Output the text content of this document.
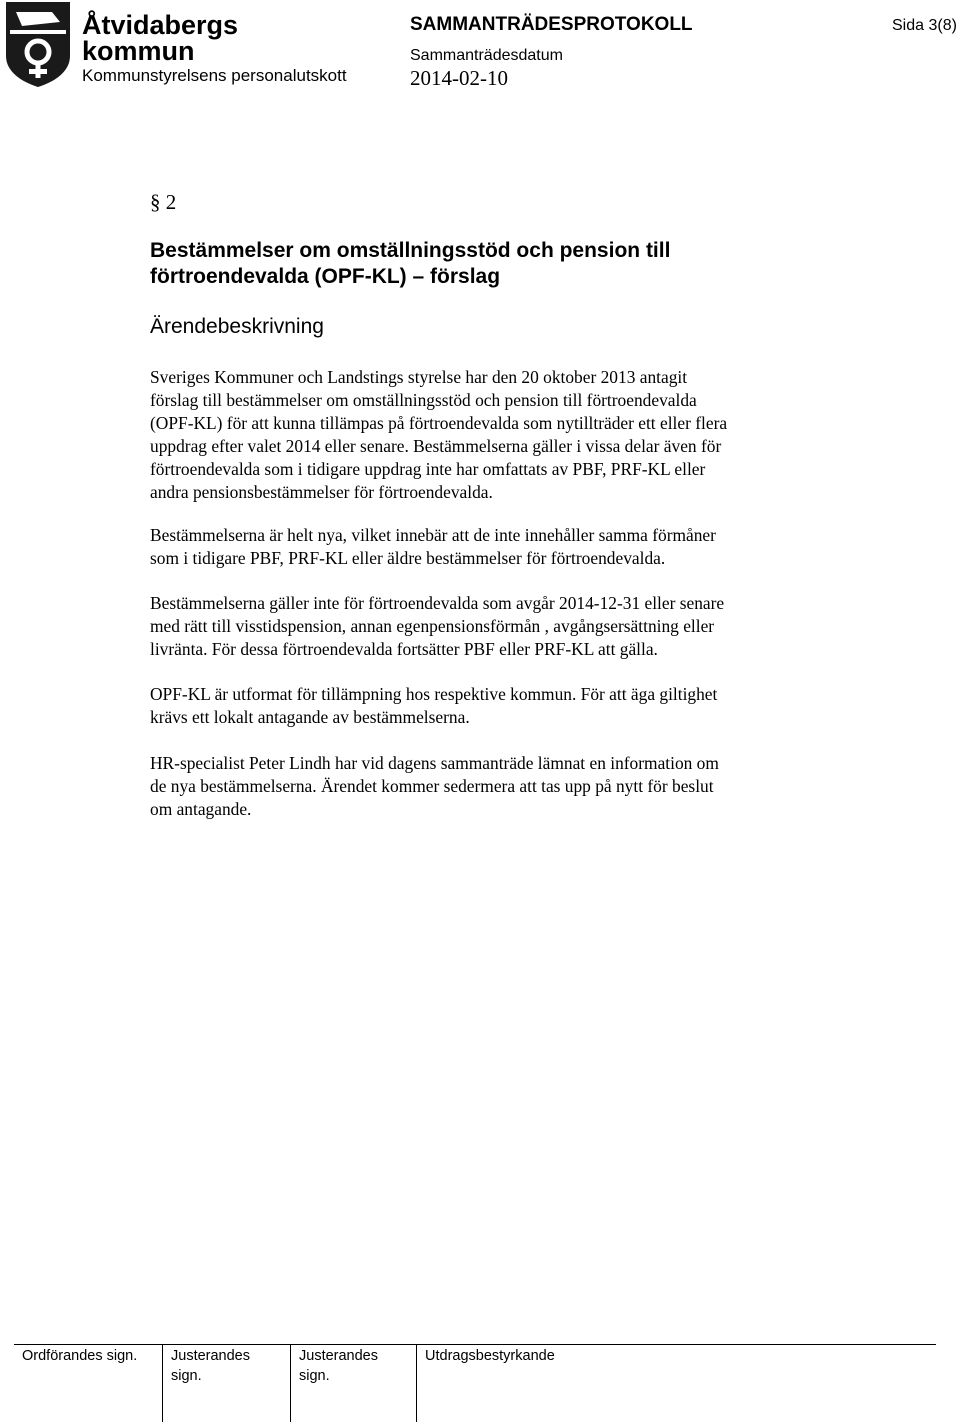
Åtvidabergs
kommun
Kommunstyrelsens personalutskott
SAMMANTRÄDESPROTOKOLL
Sammanträdesdatum
2014-02-10
Sida 3(8)
§ 2
Bestämmelser om omställningsstöd och pension till
förtroendevalda (OPF-KL) – förslag
Ärendebeskrivning
Sveriges Kommuner och Landstings styrelse har den 20 oktober 2013 antagit
förslag till bestämmelser om omställningsstöd och pension till förtroendevalda
(OPF-KL) för att kunna tillämpas på förtroendevalda som nytillträder ett eller flera
uppdrag efter valet 2014 eller senare. Bestämmelserna gäller i vissa delar även för
förtroendevalda som i tidigare uppdrag inte har omfattats av PBF, PRF-KL eller
andra pensionsbestämmelser för förtroendevalda.
Bestämmelserna är helt nya, vilket innebär att de inte innehåller samma förmåner
som i tidigare PBF, PRF-KL eller äldre bestämmelser för förtroendevalda.
Bestämmelserna gäller inte för förtroendevalda som avgår 2014-12-31 eller senare
med rätt till visstidspension, annan egenpensionsförmån , avgångsersättning eller
livränta. För dessa förtroendevalda fortsätter PBF eller PRF-KL att gälla.
OPF-KL är utformat för tillämpning hos respektive kommun. För att äga giltighet
krävs ett lokalt antagande av bestämmelserna.
HR-specialist Peter Lindh har vid dagens sammanträde lämnat en information om
de nya bestämmelserna. Ärendet kommer sedermera att tas upp på nytt för beslut
om antagande.
Ordförandes sign. Justerandes
sign.
Justerandes
sign.
Utdragsbestyrkande
